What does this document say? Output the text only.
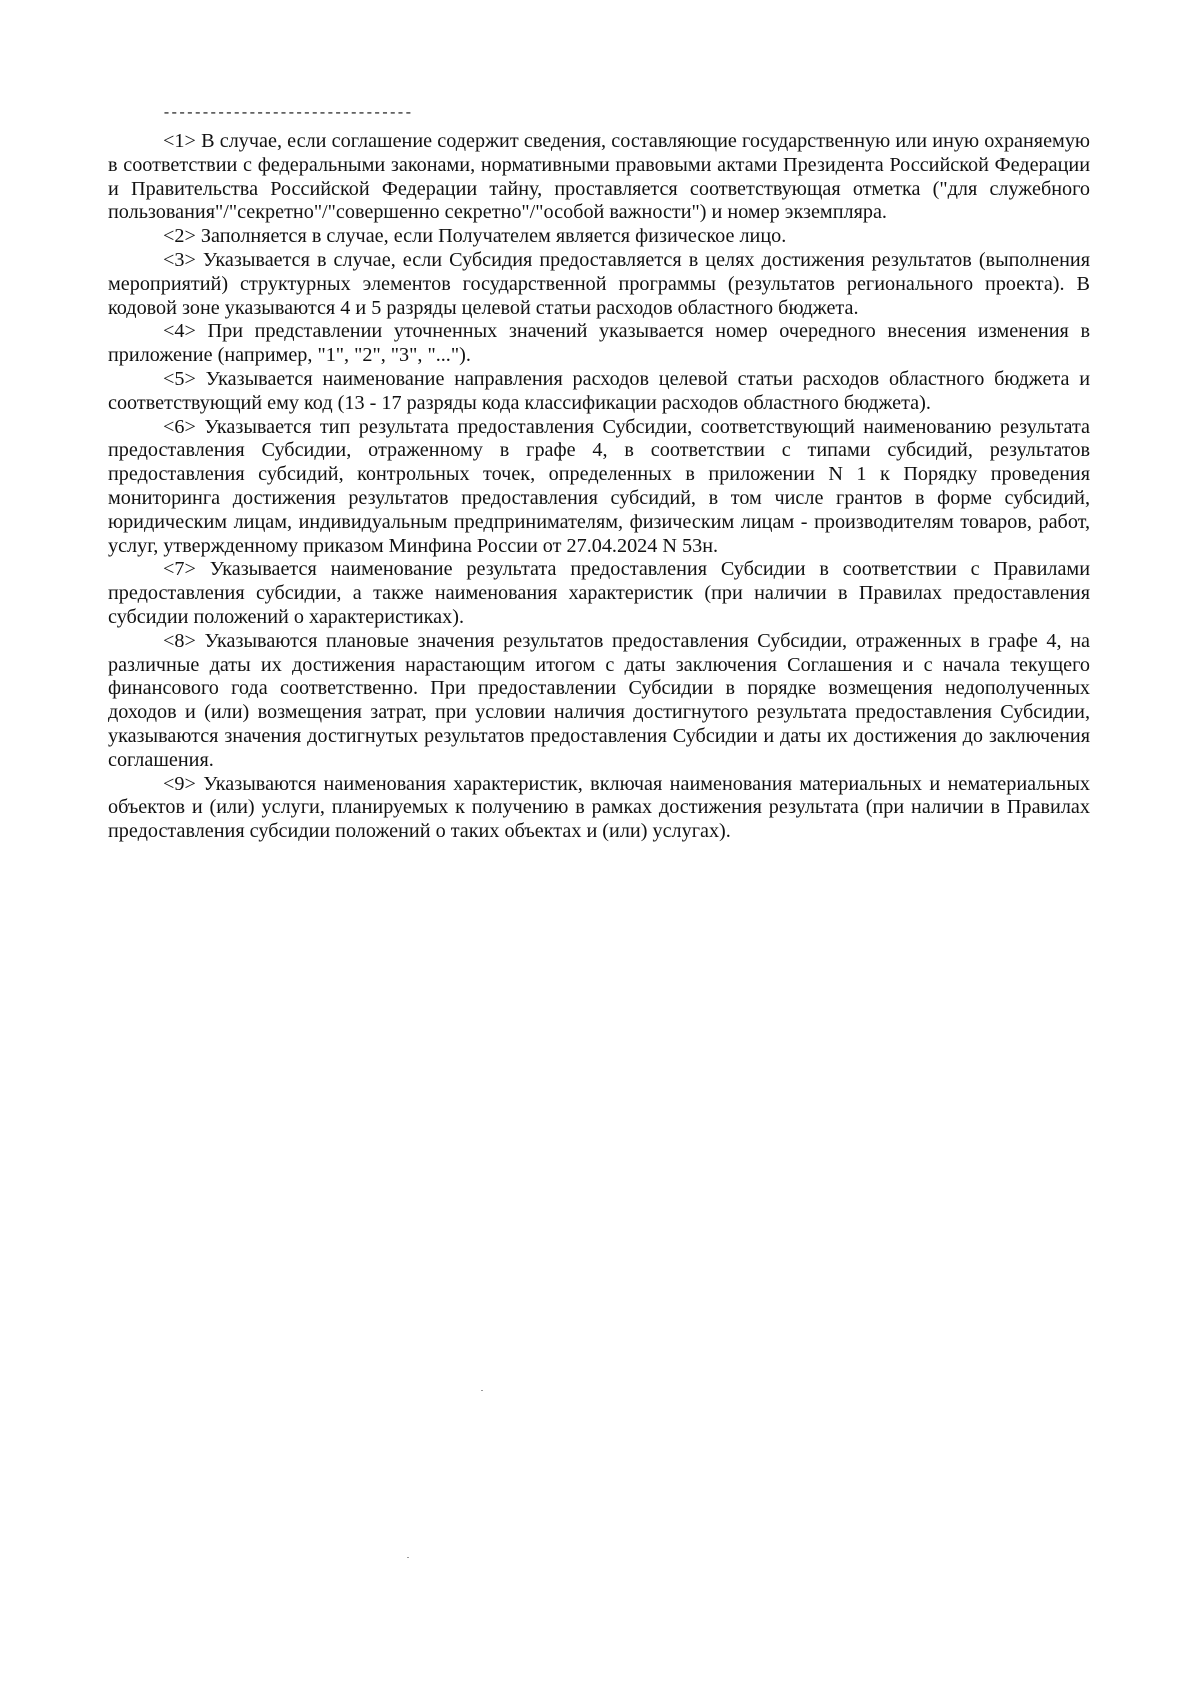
--------------------------------

<1> В случае, если соглашение содержит сведения, составляющие государственную или иную охраняемую в соответствии с федеральными законами, нормативными правовыми актами Президента Российской Федерации и Правительства Российской Федерации тайну, проставляется соответствующая отметка ("для служебного пользования"/"секретно"/"совершенно секретно"/"особой важности") и номер экземпляра.

<2> Заполняется в случае, если Получателем является физическое лицо.

<3> Указывается в случае, если Субсидия предоставляется в целях достижения результатов (выполнения мероприятий) структурных элементов государственной программы (результатов регионального проекта). В кодовой зоне указываются 4 и 5 разряды целевой статьи расходов областного бюджета.

<4> При представлении уточненных значений указывается номер очередного внесения изменения в приложение (например, "1", "2", "3", "...").

<5> Указывается наименование направления расходов целевой статьи расходов областного бюджета и соответствующий ему код (13 - 17 разряды кода классификации расходов областного бюджета).

<6> Указывается тип результата предоставления Субсидии, соответствующий наименованию результата предоставления Субсидии, отраженному в графе 4, в соответствии с типами субсидий, результатов предоставления субсидий, контрольных точек, определенных в приложении N 1 к Порядку проведения мониторинга достижения результатов предоставления субсидий, в том числе грантов в форме субсидий, юридическим лицам, индивидуальным предпринимателям, физическим лицам - производителям товаров, работ, услуг, утвержденному приказом Минфина России от 27.04.2024 N 53н.

<7> Указывается наименование результата предоставления Субсидии в соответствии с Правилами предоставления субсидии, а также наименования характеристик (при наличии в Правилах предоставления субсидии положений о характеристиках).

<8> Указываются плановые значения результатов предоставления Субсидии, отраженных в графе 4, на различные даты их достижения нарастающим итогом с даты заключения Соглашения и с начала текущего финансового года соответственно. При предоставлении Субсидии в порядке возмещения недополученных доходов и (или) возмещения затрат, при условии наличия достигнутого результата предоставления Субсидии, указываются значения достигнутых результатов предоставления Субсидии и даты их достижения до заключения соглашения.

<9> Указываются наименования характеристик, включая наименования материальных и нематериальных объектов и (или) услуги, планируемых к получению в рамках достижения результата (при наличии в Правилах предоставления субсидии положений о таких объектах и (или) услугах).
